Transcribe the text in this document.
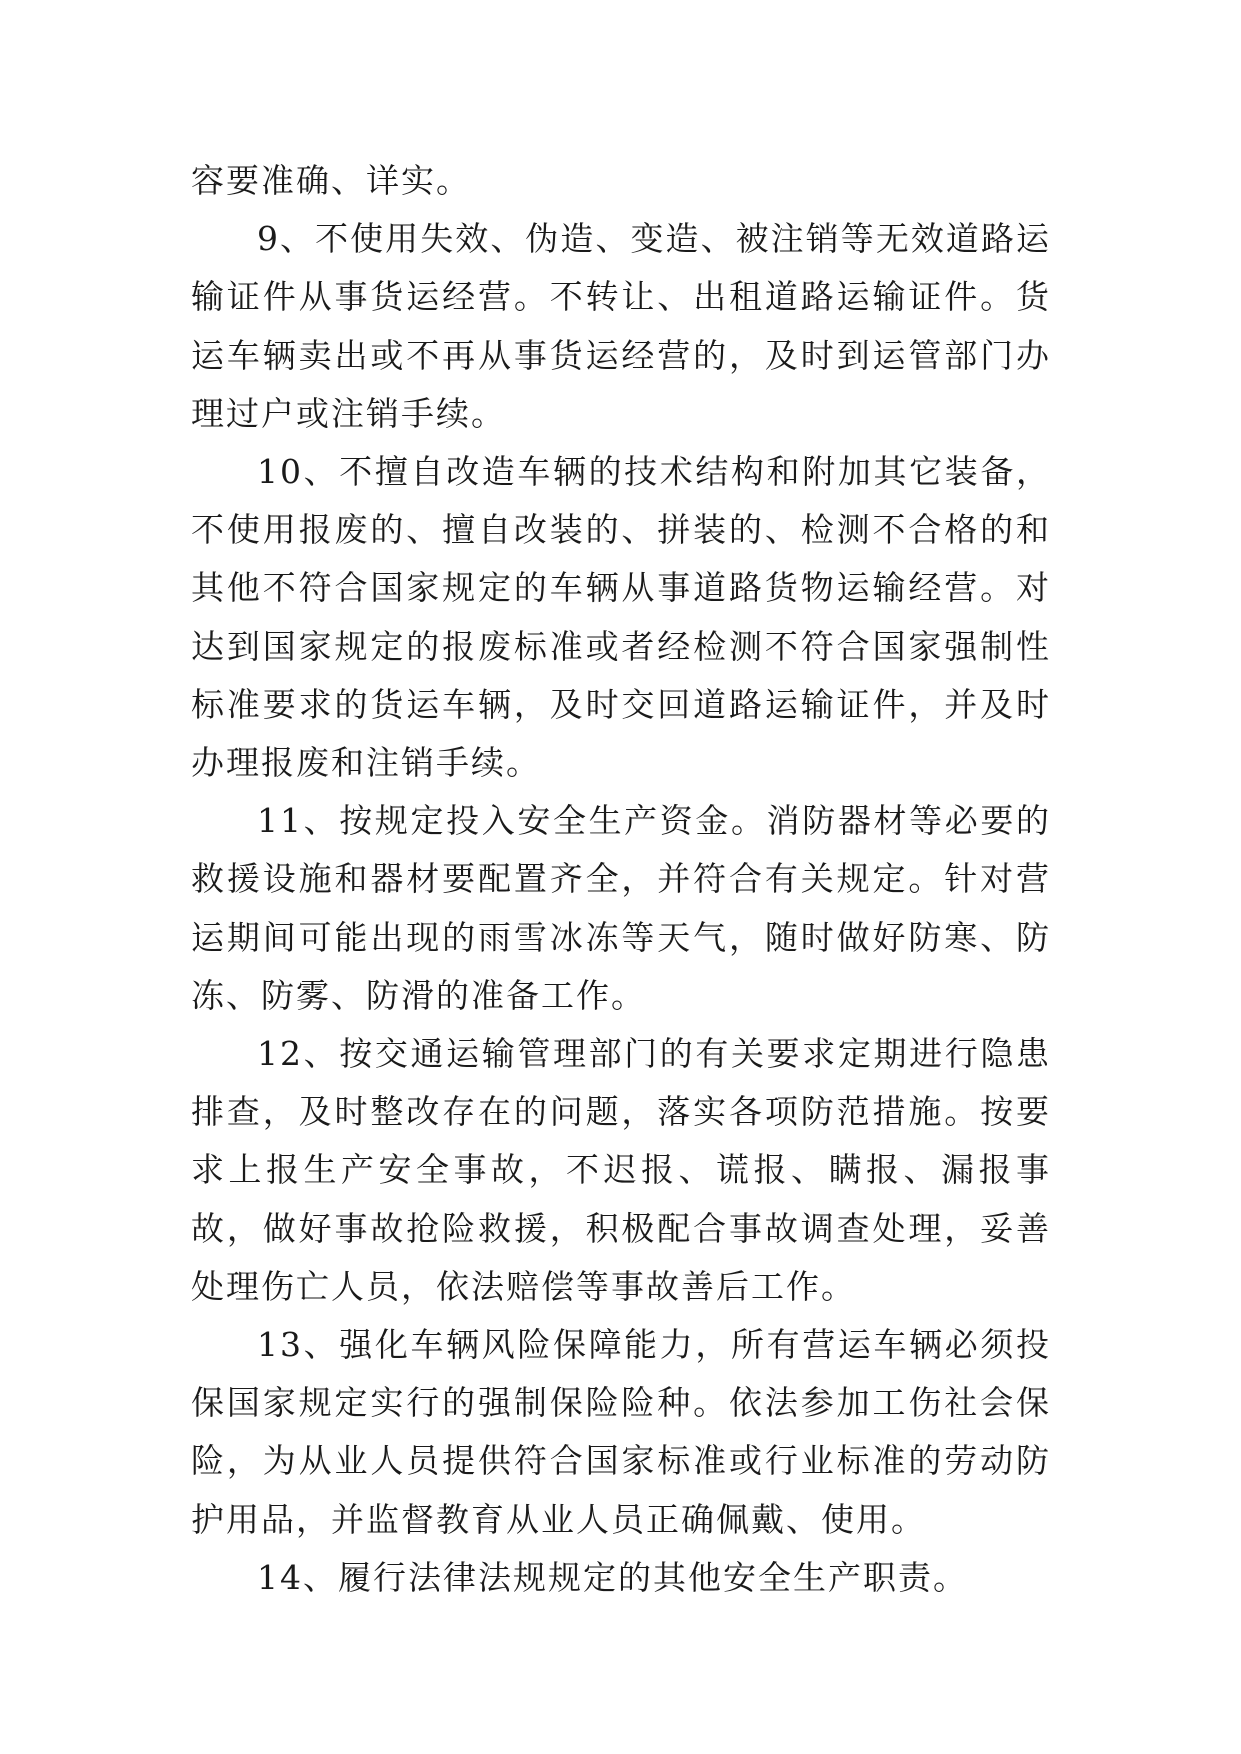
容要准确、详实。

9、不使用失效、伪造、变造、被注销等无效道路运输证件从事货运经营。不转让、出租道路运输证件。货运车辆卖出或不再从事货运经营的，及时到运管部门办理过户或注销手续。

10、不擅自改造车辆的技术结构和附加其它装备，不使用报废的、擅自改装的、拼装的、检测不合格的和其他不符合国家规定的车辆从事道路货物运输经营。对达到国家规定的报废标准或者经检测不符合国家强制性标准要求的货运车辆，及时交回道路运输证件，并及时办理报废和注销手续。

11、按规定投入安全生产资金。消防器材等必要的救援设施和器材要配置齐全，并符合有关规定。针对营运期间可能出现的雨雪冰冻等天气，随时做好防寒、防冻、防雾、防滑的准备工作。

12、按交通运输管理部门的有关要求定期进行隐患排查，及时整改存在的问题，落实各项防范措施。按要求上报生产安全事故，不迟报、谎报、瞒报、漏报事故，做好事故抢险救援，积极配合事故调查处理，妥善处理伤亡人员，依法赔偿等事故善后工作。

13、强化车辆风险保障能力，所有营运车辆必须投保国家规定实行的强制保险险种。依法参加工伤社会保险，为从业人员提供符合国家标准或行业标准的劳动防护用品，并监督教育从业人员正确佩戴、使用。

14、履行法律法规规定的其他安全生产职责。
